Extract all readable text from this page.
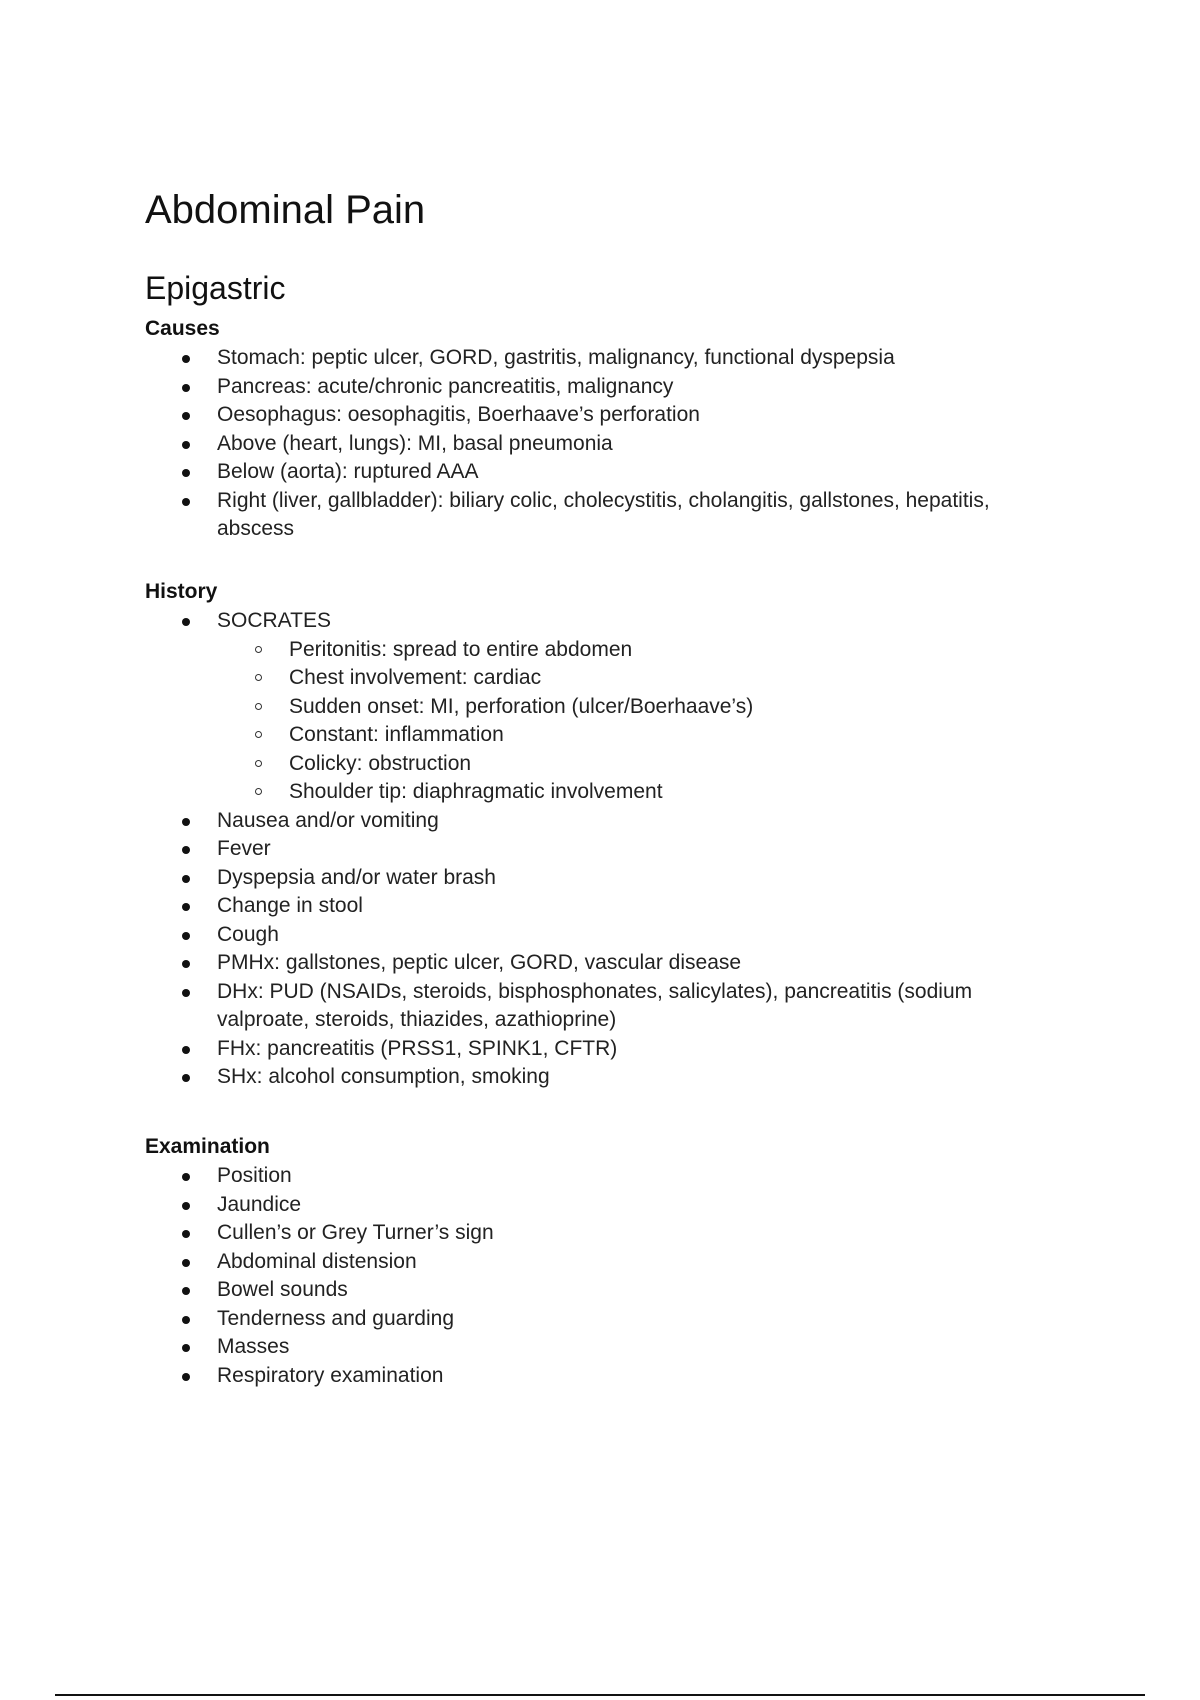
Abdominal Pain
Epigastric
Causes
Stomach: peptic ulcer, GORD, gastritis, malignancy, functional dyspepsia
Pancreas: acute/chronic pancreatitis, malignancy
Oesophagus: oesophagitis, Boerhaave’s perforation
Above (heart, lungs): MI, basal pneumonia
Below (aorta): ruptured AAA
Right (liver, gallbladder): biliary colic, cholecystitis, cholangitis, gallstones, hepatitis, abscess
History
SOCRATES
Peritonitis: spread to entire abdomen
Chest involvement: cardiac
Sudden onset: MI, perforation (ulcer/Boerhaave’s)
Constant: inflammation
Colicky: obstruction
Shoulder tip: diaphragmatic involvement
Nausea and/or vomiting
Fever
Dyspepsia and/or water brash
Change in stool
Cough
PMHx: gallstones, peptic ulcer, GORD, vascular disease
DHx: PUD (NSAIDs, steroids, bisphosphonates, salicylates), pancreatitis (sodium valproate, steroids, thiazides, azathioprine)
FHx: pancreatitis (PRSS1, SPINK1, CFTR)
SHx: alcohol consumption, smoking
Examination
Position
Jaundice
Cullen’s or Grey Turner’s sign
Abdominal distension
Bowel sounds
Tenderness and guarding
Masses
Respiratory examination
